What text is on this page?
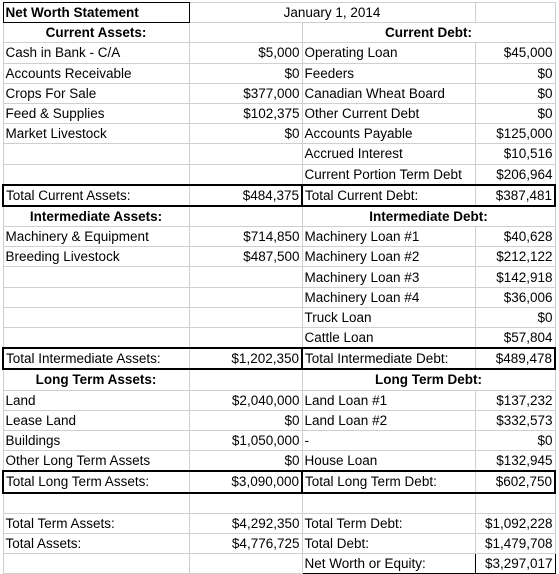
Net Worth Statement	January 1, 2014		
Current Assets:		Current Debt:	
Cash in Bank - C/A	$5,000	Operating Loan	$45,000
Accounts Receivable	$0	Feeders	$0
Crops For Sale	$377,000	Canadian Wheat Board	$0
Feed & Supplies	$102,375	Other Current Debt	$0
Market Livestock	$0	Accounts Payable	$125,000
		Accrued Interest	$10,516
		Current Portion Term Debt	$206,964
Total Current Assets:	$484,375	Total Current Debt:	$387,481
Intermediate Assets:		Intermediate Debt:	
Machinery & Equipment	$714,850	Machinery Loan #1	$40,628
Breeding Livestock	$487,500	Machinery Loan #2	$212,122
		Machinery Loan #3	$142,918
		Machinery Loan #4	$36,006
		Truck Loan	$0
		Cattle Loan	$57,804
Total Intermediate Assets:	$1,202,350	Total Intermediate Debt:	$489,478
Long Term Assets:		Long Term Debt:	
Land	$2,040,000	Land Loan #1	$137,232
Lease Land	$0	Land Loan #2	$332,573
Buildings	$1,050,000	-	$0
Other Long Term Assets	$0	House Loan	$132,945
Total Long Term Assets:	$3,090,000	Total Long Term Debt:	$602,750

Total Term Assets:	$4,292,350	Total Term Debt:	$1,092,228
Total Assets:	$4,776,725	Total Debt:	$1,479,708
		Net Worth or Equity:	$3,297,017
